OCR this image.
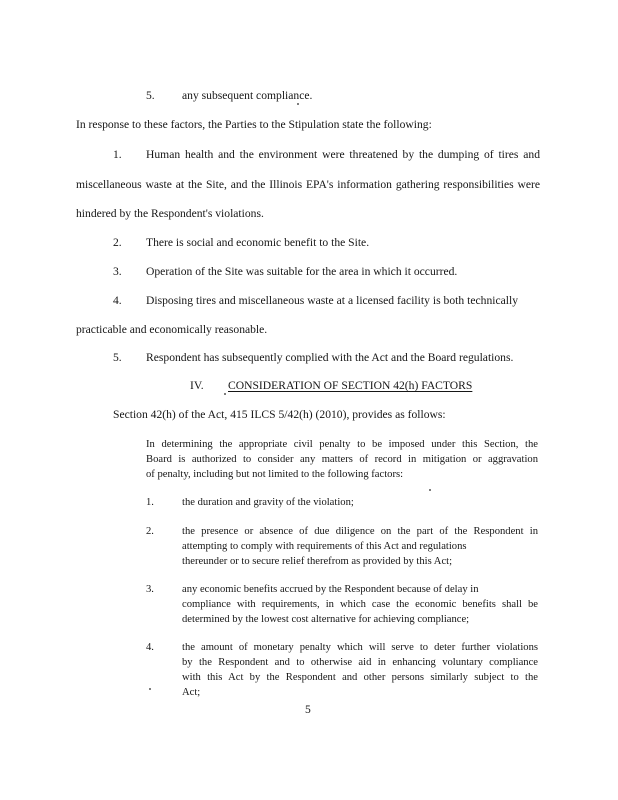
5. any subsequent compliance.

In response to these factors, the Parties to the Stipulation state the following:

1. Human health and the environment were threatened by the dumping of tires and

miscellaneous waste at the Site, and the Illinois EPA's information gathering responsibilities were

hindered by the Respondent's violations.

2. There is social and economic benefit to the Site.

3. Operation of the Site was suitable for the area in which it occurred.

4. Disposing tires and miscellaneous waste at a licensed facility is both technically

practicable and economically reasonable.

5. Respondent has subsequently complied with the Act and the Board regulations.

IV. CONSIDERATION OF SECTION 42(h) FACTORS

Section 42(h) of the Act, 415 ILCS 5/42(h) (2010), provides as follows:

In determining the appropriate civil penalty to be imposed under this Section, the

Board is authorized to consider any matters of record in mitigation or aggravation

of penalty, including but not limited to the following factors:

1.	the duration and gravity of the violation;

2.	the presence or absence of due diligence on the part of the Respondent in

attempting to comply with requirements of this Act and regulations

thereunder or to secure relief therefrom as provided by this Act;

3.	any economic benefits accrued by the Respondent because of delay in

compliance with requirements, in which case the economic benefits shall be

determined by the lowest cost alternative for achieving compliance;

4.	the amount of monetary penalty which will serve to deter further violations

by the Respondent and to otherwise aid in enhancing voluntary compliance

with this Act by the Respondent and other persons similarly subject to the

Act;

5
